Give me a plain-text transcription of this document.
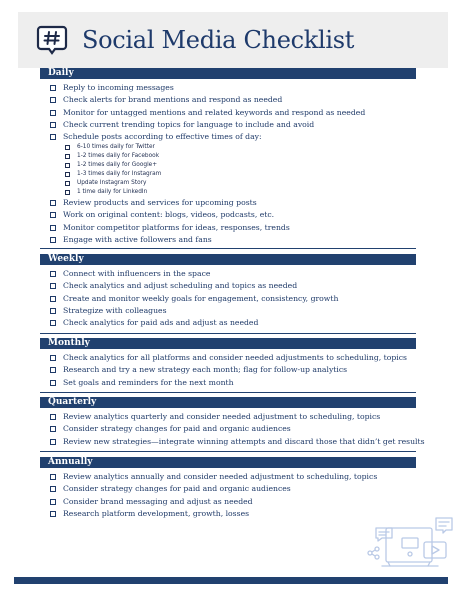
Social Media Checklist
Daily
Reply to incoming messages
Check alerts for brand mentions and respond as needed
Monitor for untagged mentions and related keywords and respond as needed
Check current trending topics for language to include and avoid
Schedule posts according to effective times of day:
6-10 times daily for Twitter
1-2 times daily for Facebook
1-2 times daily for Google+
1-3 times daily for Instagram
Update Instagram Story
1 time daily for LinkedIn
Review products and services for upcoming posts
Work on original content: blogs, videos, podcasts, etc.
Monitor competitor platforms for ideas, responses, trends
Engage with active followers and fans
Weekly
Connect with influencers in the space
Check analytics and adjust scheduling and topics as needed
Create and monitor weekly goals for engagement, consistency, growth
Strategize with colleagues
Check analytics for paid ads and adjust as needed
Monthly
Check analytics for all platforms and consider needed adjustments to scheduling, topics
Research and try a new strategy each month; flag for follow-up analytics
Set goals and reminders for the next month
Quarterly
Review analytics quarterly and consider needed adjustment to scheduling, topics
Consider strategy changes for paid and organic audiences
Review new strategies—integrate winning attempts and discard those that didn’t get results
Annually
Review analytics annually and consider needed adjustment to scheduling, topics
Consider strategy changes for paid and organic audiences
Consider brand messaging and adjust as needed
Research platform development, growth, losses
